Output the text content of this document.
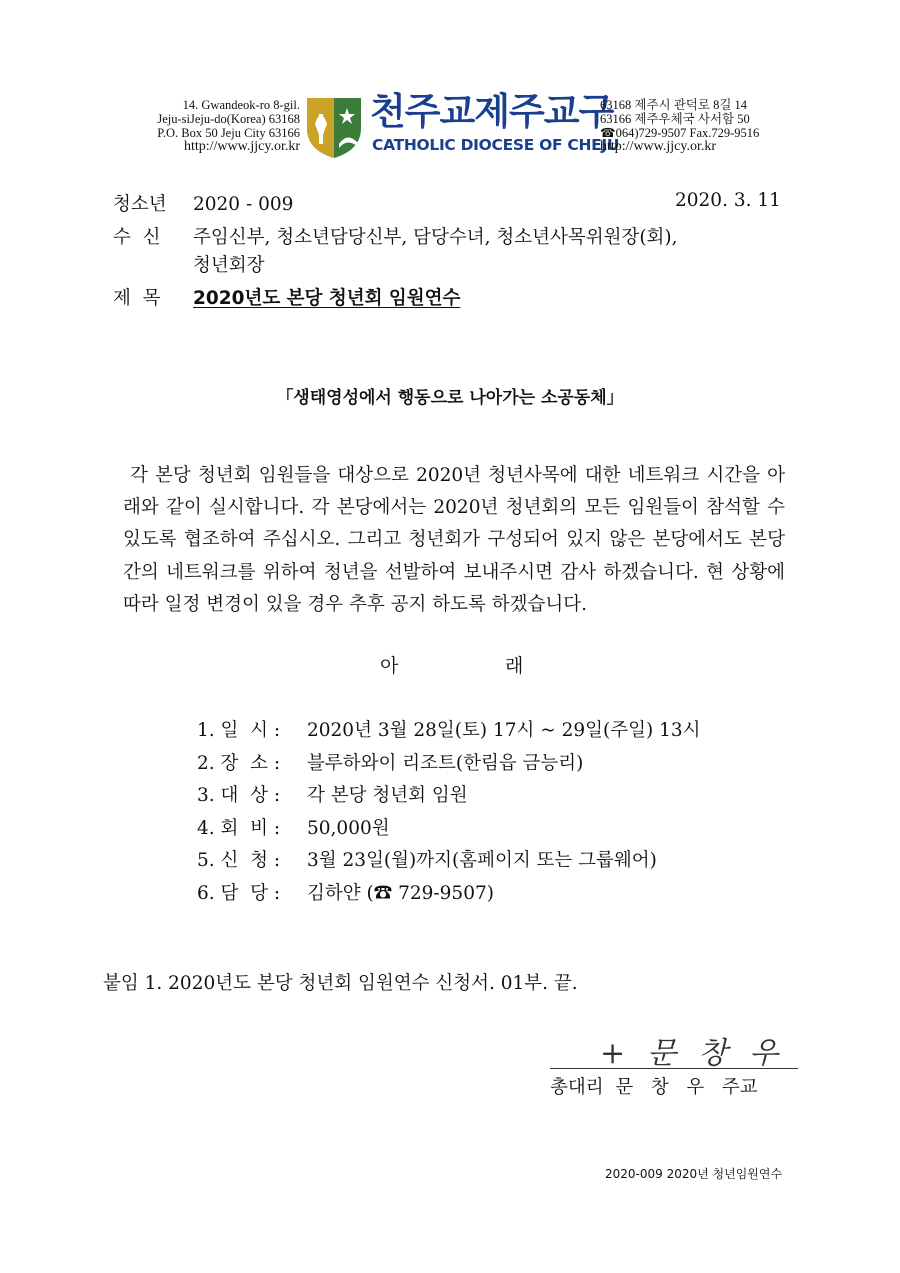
14. Gwandeok-ro 8-gil.
Jeju-siJeju-do(Korea) 63168
P.O. Box 50 Jeju City 63166
http://www.jjcy.or.kr
천주교제주교구
CATHOLIC DIOCESE OF CHEJU
63168 제주시 관덕로 8길 14
63166 제주우체국 사서함 50
☎064)729-9507 Fax.729-9516
http://www.jjcy.or.kr
청소년 2020 - 009	2020. 3. 11
수  신 주임신부, 청소년담당신부, 담당수녀, 청소년사목위원장(회),
청년회장
제  목 2020년도 본당 청년회 임원연수
「생태영성에서 행동으로 나아가는 소공동체」

각 본당 청년회 임원들을 대상으로 2020년 청년사목에 대한 네트워크 시간을 아래와 같이 실시합니다. 각 본당에서는 2020년 청년회의 모든 임원들이 참석할 수 있도록 협조하여 주십시오. 그리고 청년회가 구성되어 있지 않은 본당에서도 본당간의 네트워크를 위하여 청년을 선발하여 보내주시면 감사 하겠습니다. 현 상황에 따라 일정 변경이 있을 경우 추후 공지 하도록 하겠습니다.

아	래
1. 일  시 : 2020년 3월 28일(토) 17시 ~ 29일(주일) 13시
2. 장  소 : 블루하와이 리조트(한림읍 금능리)
3. 대  상 : 각 본당 청년회 임원
4. 회  비 : 50,000원
5. 신  청 : 3월 23일(월)까지(홈페이지 또는 그룹웨어)
6. 담  당 : 김하얀 (☎ 729-9507)
붙임 1. 2020년도 본당 청년회 임원연수 신청서. 01부. 끝.
+문창우
총대리  문   창   우   주교
2020-009 2020년 청년임원연수
